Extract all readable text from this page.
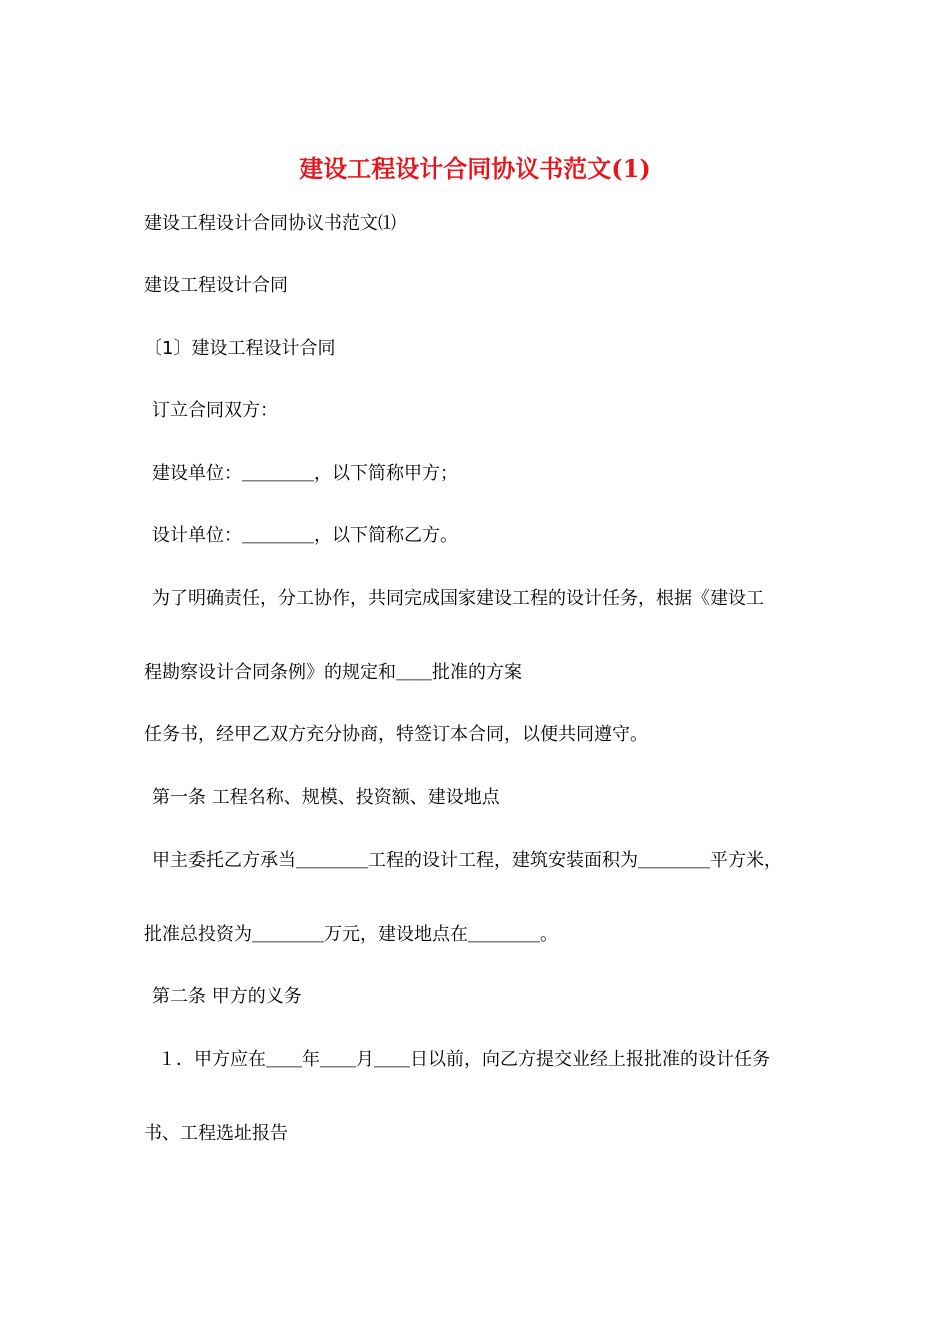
建设工程设计合同协议书范文(1)
建设工程设计合同协议书范文⑴
建设工程设计合同
〔1〕建设工程设计合同
订立合同双方：
建设单位：＿＿＿＿，以下简称甲方；
设计单位：＿＿＿＿，以下简称乙方。
为了明确责任，分工协作，共同完成国家建设工程的设计任务，根据《建设工
程勘察设计合同条例》的规定和＿＿批准的方案
任务书，经甲乙双方充分协商，特签订本合同，以便共同遵守。
第一条 工程名称、规模、投资额、建设地点
甲主委托乙方承当＿＿＿＿工程的设计工程，建筑安装面积为＿＿＿＿平方米，
批准总投资为＿＿＿＿万元，建设地点在＿＿＿＿。
第二条 甲方的义务
１．甲方应在＿＿年＿＿月＿＿日以前，向乙方提交业经上报批准的设计任务
书、工程选址报告
